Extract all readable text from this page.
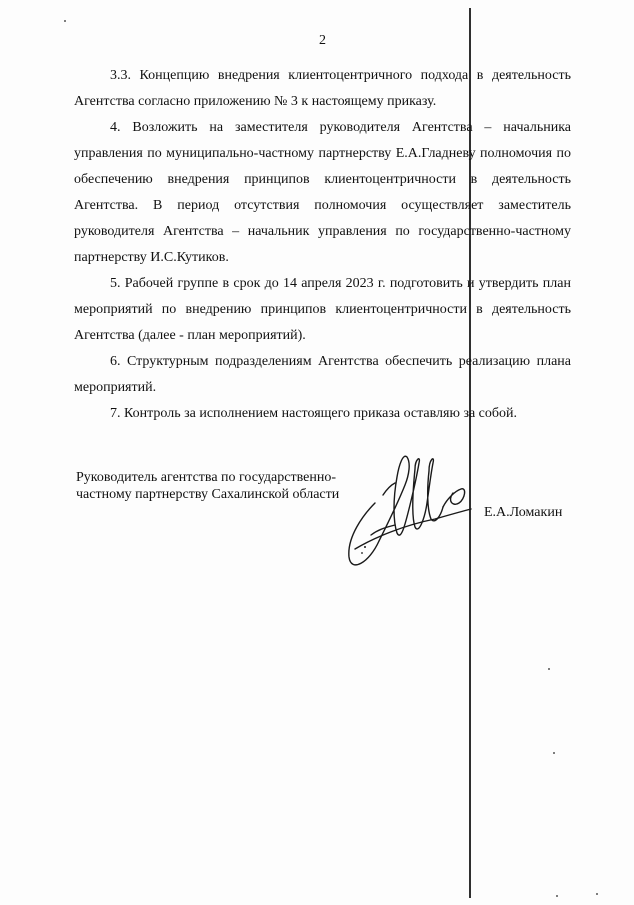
2

3.3. Концепцию внедрения клиентоцентричного подхода в деятельность Агентства согласно приложению № 3 к настоящему приказу.

4. Возложить на заместителя руководителя Агентства – начальника управления по муниципально-частному партнерству Е.А.Гладневу полномочия по обеспечению внедрения принципов клиентоцентричности в деятельность Агентства. В период отсутствия полномочия осуществляет заместитель руководителя Агентства – начальник управления по государственно-частному партнерству И.С.Кутиков.

5. Рабочей группе в срок до 14 апреля 2023 г. подготовить и утвердить план мероприятий по внедрению принципов клиентоцентричности в деятельность Агентства (далее - план мероприятий).

6. Структурным подразделениям Агентства обеспечить реализацию плана мероприятий.

7. Контроль за исполнением настоящего приказа оставляю за собой.

Руководитель агентства по государственно-частному партнерству Сахалинской области
Е.А.Ломакин
